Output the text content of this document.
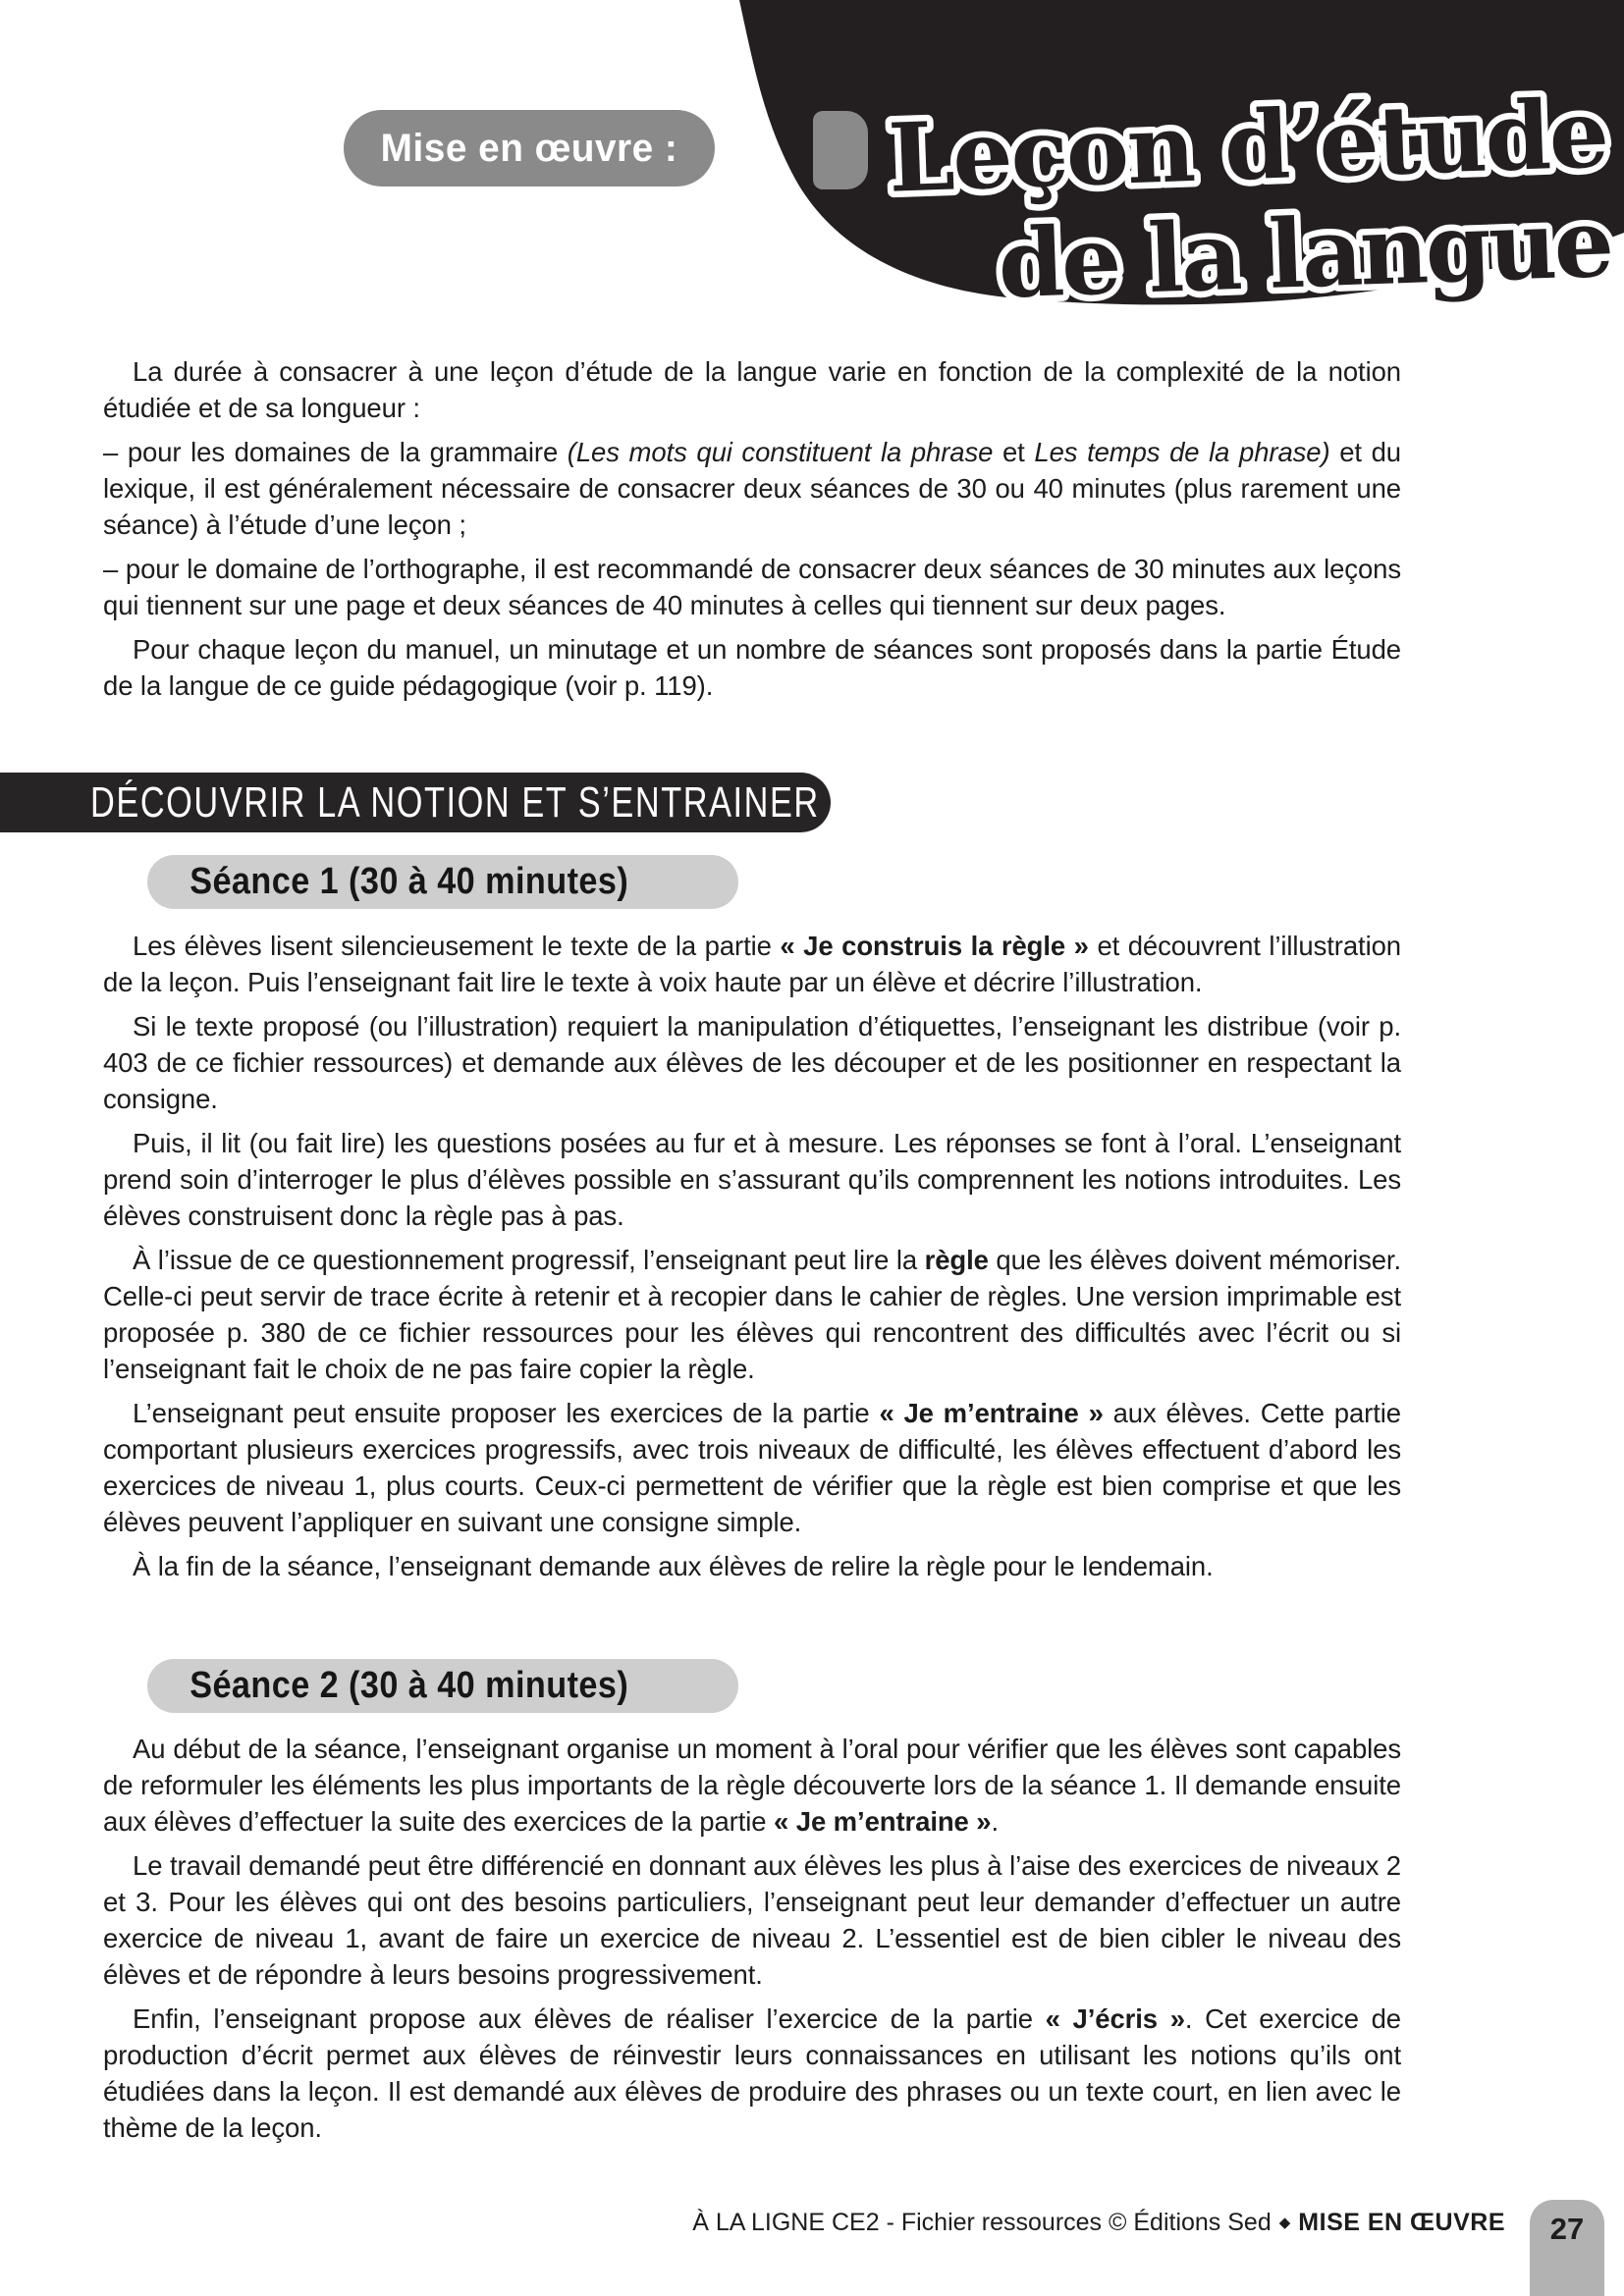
Leçon d’étude
de la langue
Mise en œuvre :

La durée à consacrer à une leçon d’étude de la langue varie en fonction de la complexité de la notion étudiée et de sa longueur :

– pour les domaines de la grammaire (Les mots qui constituent la phrase et Les temps de la phrase) et du lexique, il est généralement nécessaire de consacrer deux séances de 30 ou 40 minutes (plus rarement une séance) à l’étude d’une leçon ;

– pour le domaine de l’orthographe, il est recommandé de consacrer deux séances de 30 minutes aux leçons qui tiennent sur une page et deux séances de 40 minutes à celles qui tiennent sur deux pages.

Pour chaque leçon du manuel, un minutage et un nombre de séances sont proposés dans la partie Étude de la langue de ce guide pédagogique (voir p. 119).

DÉCOUVRIR LA NOTION ET S’ENTRAINER
Séance 1 (30 à 40 minutes)

Les élèves lisent silencieusement le texte de la partie « Je construis la règle » et découvrent l’illustration de la leçon. Puis l’enseignant fait lire le texte à voix haute par un élève et décrire l’illustration.

Si le texte proposé (ou l’illustration) requiert la manipulation d’étiquettes, l’enseignant les distribue (voir p. 403 de ce fichier ressources) et demande aux élèves de les découper et de les positionner en respectant la consigne.

Puis, il lit (ou fait lire) les questions posées au fur et à mesure. Les réponses se font à l’oral. L’enseignant prend soin d’interroger le plus d’élèves possible en s’assurant qu’ils comprennent les notions introduites. Les élèves construisent donc la règle pas à pas.

À l’issue de ce questionnement progressif, l’enseignant peut lire la règle que les élèves doivent mémoriser. Celle-ci peut servir de trace écrite à retenir et à recopier dans le cahier de règles. Une version imprimable est proposée p. 380 de ce fichier ressources pour les élèves qui rencontrent des difficultés avec l’écrit ou si l’enseignant fait le choix de ne pas faire copier la règle.

L’enseignant peut ensuite proposer les exercices de la partie « Je m’entraine » aux élèves. Cette partie comportant plusieurs exercices progressifs, avec trois niveaux de difficulté, les élèves effectuent d’abord les exercices de niveau 1, plus courts. Ceux-ci permettent de vérifier que la règle est bien comprise et que les élèves peuvent l’appliquer en suivant une consigne simple.

À la fin de la séance, l’enseignant demande aux élèves de relire la règle pour le lendemain.

Séance 2 (30 à 40 minutes)

Au début de la séance, l’enseignant organise un moment à l’oral pour vérifier que les élèves sont capables de reformuler les éléments les plus importants de la règle découverte lors de la séance 1. Il demande ensuite aux élèves d’effectuer la suite des exercices de la partie « Je m’entraine ».

Le travail demandé peut être différencié en donnant aux élèves les plus à l’aise des exercices de niveaux 2 et 3. Pour les élèves qui ont des besoins particuliers, l’enseignant peut leur demander d’effectuer un autre exercice de niveau 1, avant de faire un exercice de niveau 2. L’essentiel est de bien cibler le niveau des élèves et de répondre à leurs besoins progressivement.

Enfin, l’enseignant propose aux élèves de réaliser l’exercice de la partie « J’écris ». Cet exercice de production d’écrit permet aux élèves de réinvestir leurs connaissances en utilisant les notions qu’ils ont étudiées dans la leçon. Il est demandé aux élèves de produire des phrases ou un texte court, en lien avec le thème de la leçon.

À LA LIGNE CE2 - Fichier ressources © Éditions Sed ◆ MISE EN ŒUVRE	27
